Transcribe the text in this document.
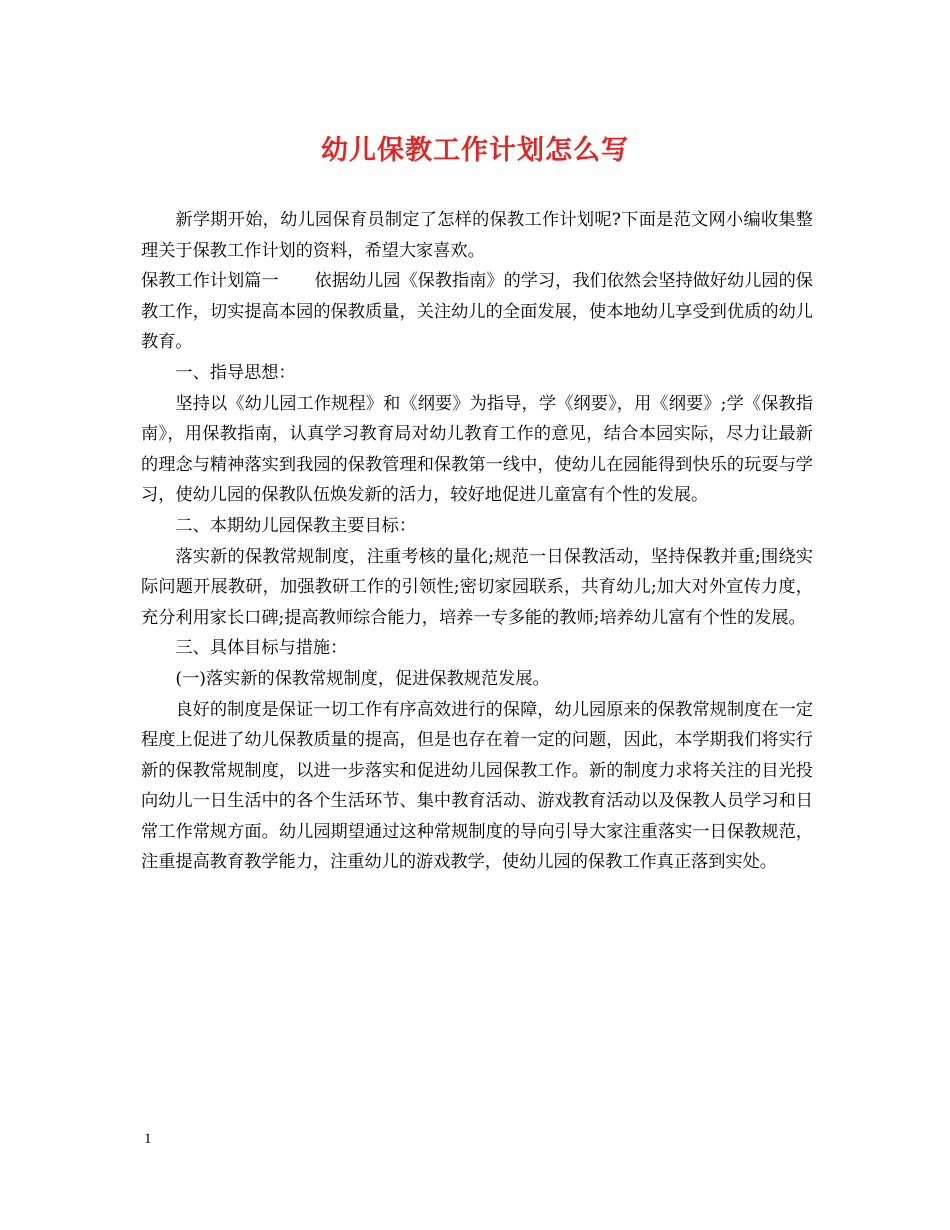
幼儿保教工作计划怎么写

新学期开始，幼儿园保育员制定了怎样的保教工作计划呢?下面是范文网小编收集整理关于保教工作计划的资料，希望大家喜欢。

保教工作计划篇一 依据幼儿园《保教指南》的学习，我们依然会坚持做好幼儿园的保教工作，切实提高本园的保教质量，关注幼儿的全面发展，使本地幼儿享受到优质的幼儿教育。

一、指导思想：

坚持以《幼儿园工作规程》和《纲要》为指导，学《纲要》，用《纲要》;学《保教指南》，用保教指南，认真学习教育局对幼儿教育工作的意见，结合本园实际，尽力让最新的理念与精神落实到我园的保教管理和保教第一线中，使幼儿在园能得到快乐的玩耍与学习，使幼儿园的保教队伍焕发新的活力，较好地促进儿童富有个性的发展。

二、本期幼儿园保教主要目标：

落实新的保教常规制度，注重考核的量化;规范一日保教活动，坚持保教并重;围绕实际问题开展教研，加强教研工作的引领性;密切家园联系，共育幼儿;加大对外宣传力度，充分利用家长口碑;提高教师综合能力，培养一专多能的教师;培养幼儿富有个性的发展。

三、具体目标与措施：

(一)落实新的保教常规制度，促进保教规范发展。

良好的制度是保证一切工作有序高效进行的保障，幼儿园原来的保教常规制度在一定程度上促进了幼儿保教质量的提高，但是也存在着一定的问题，因此，本学期我们将实行新的保教常规制度，以进一步落实和促进幼儿园保教工作。新的制度力求将关注的目光投向幼儿一日生活中的各个生活环节、集中教育活动、游戏教育活动以及保教人员学习和日常工作常规方面。幼儿园期望通过这种常规制度的导向引导大家注重落实一日保教规范，注重提高教育教学能力，注重幼儿的游戏教学，使幼儿园的保教工作真正落到实处。

1
